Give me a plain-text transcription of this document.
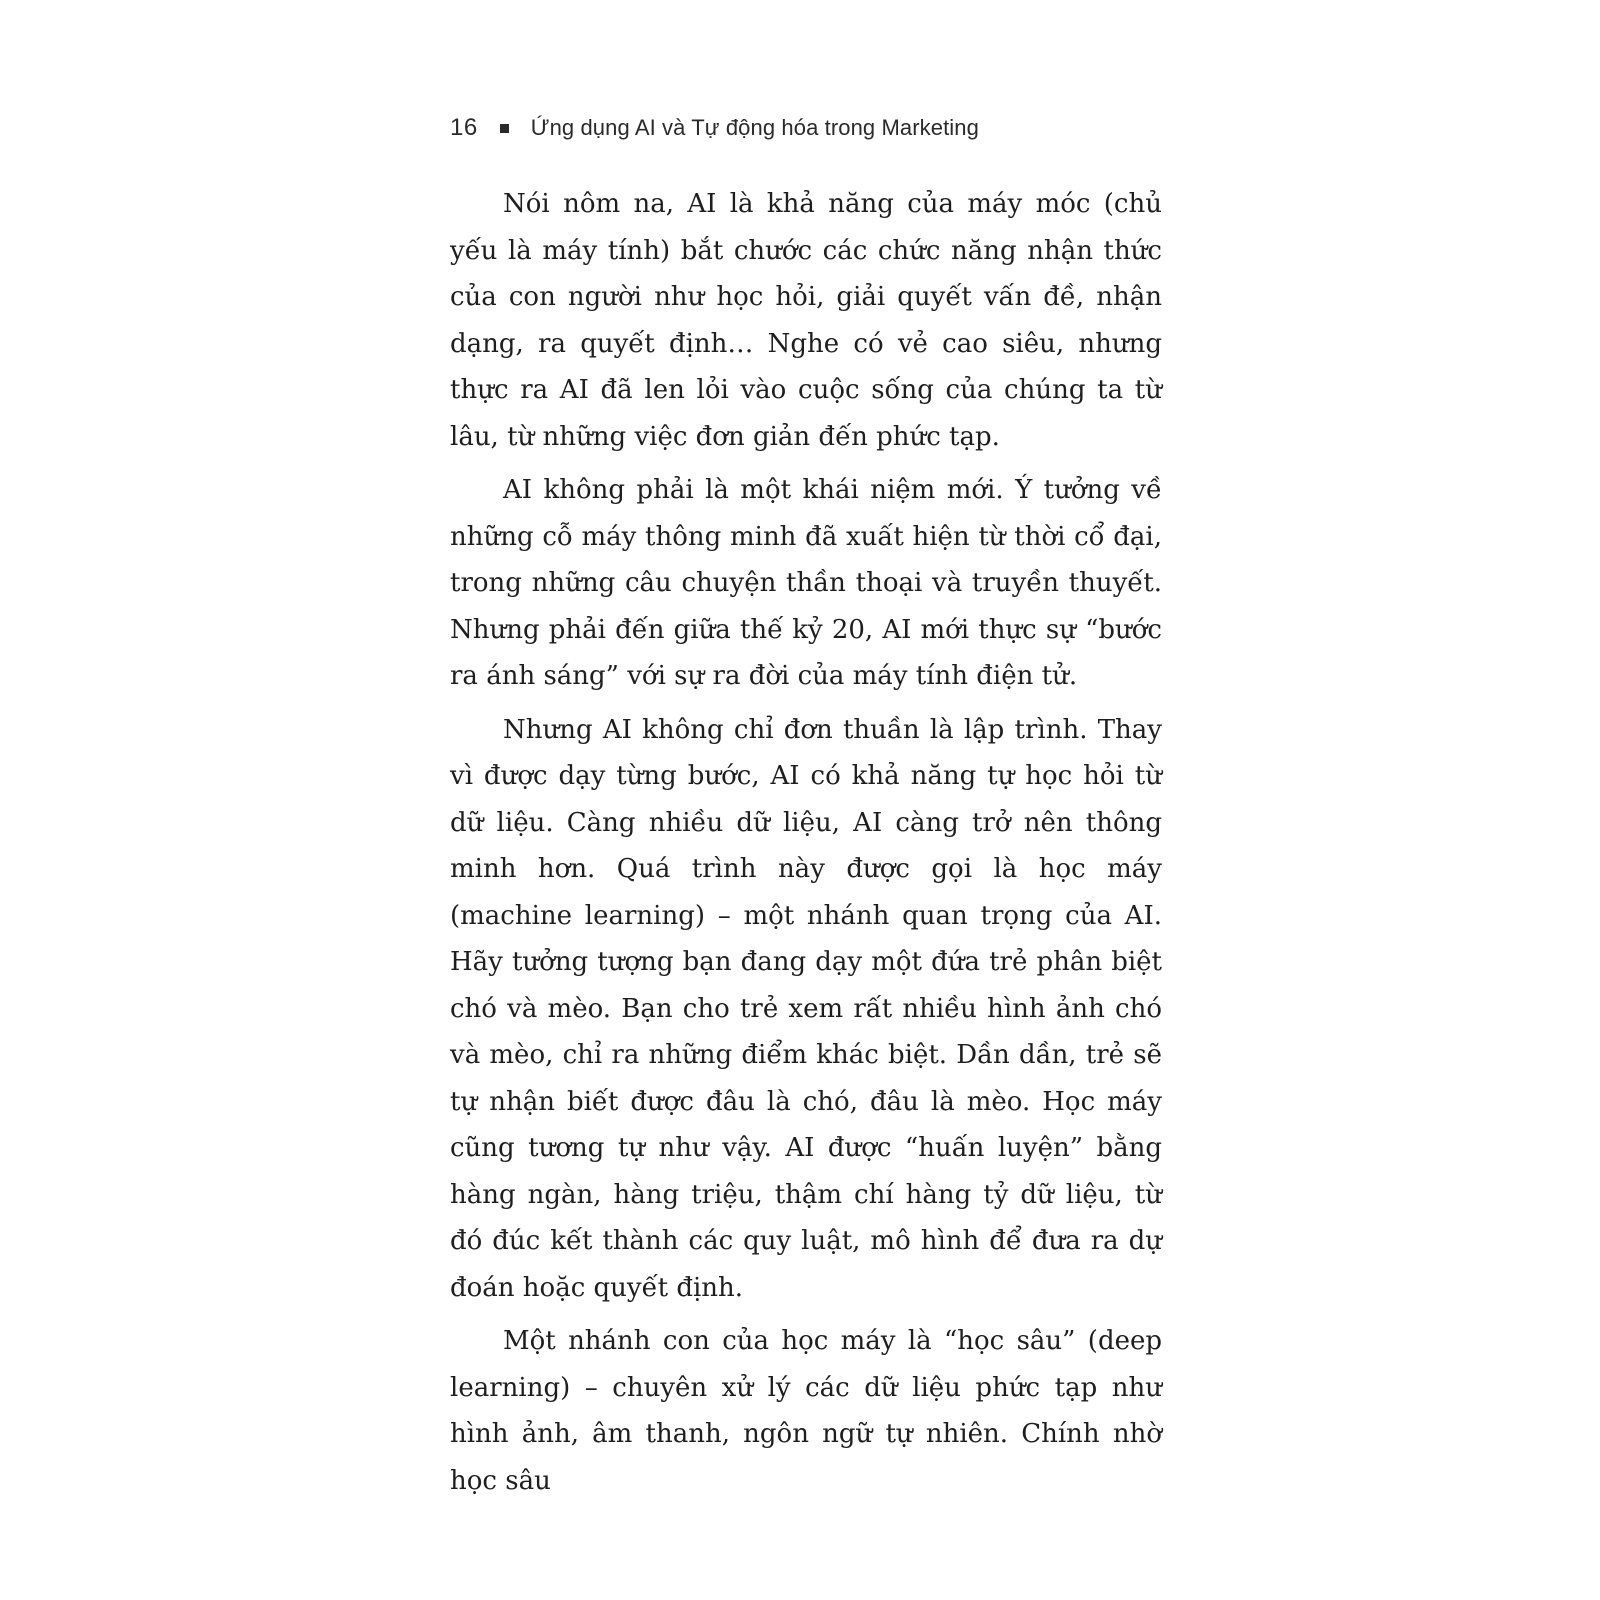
16 Ứng dụng AI và Tự động hóa trong Marketing

Nói nôm na, AI là khả năng của máy móc (chủ yếu là máy tính) bắt chước các chức năng nhận thức của con người như học hỏi, giải quyết vấn đề, nhận dạng, ra quyết định… Nghe có vẻ cao siêu, nhưng thực ra AI đã len lỏi vào cuộc sống của chúng ta từ lâu, từ những việc đơn giản đến phức tạp.

AI không phải là một khái niệm mới. Ý tưởng về những cỗ máy thông minh đã xuất hiện từ thời cổ đại, trong những câu chuyện thần thoại và truyền thuyết. Nhưng phải đến giữa thế kỷ 20, AI mới thực sự “bước ra ánh sáng” với sự ra đời của máy tính điện tử.

Nhưng AI không chỉ đơn thuần là lập trình. Thay vì được dạy từng bước, AI có khả năng tự học hỏi từ dữ liệu. Càng nhiều dữ liệu, AI càng trở nên thông minh hơn. Quá trình này được gọi là học máy (machine learning) – một nhánh quan trọng của AI. Hãy tưởng tượng bạn đang dạy một đứa trẻ phân biệt chó và mèo. Bạn cho trẻ xem rất nhiều hình ảnh chó và mèo, chỉ ra những điểm khác biệt. Dần dần, trẻ sẽ tự nhận biết được đâu là chó, đâu là mèo. Học máy cũng tương tự như vậy. AI được “huấn luyện” bằng hàng ngàn, hàng triệu, thậm chí hàng tỷ dữ liệu, từ đó đúc kết thành các quy luật, mô hình để đưa ra dự đoán hoặc quyết định.

Một nhánh con của học máy là “học sâu” (deep learning) – chuyên xử lý các dữ liệu phức tạp như hình ảnh, âm thanh, ngôn ngữ tự nhiên. Chính nhờ học sâu
